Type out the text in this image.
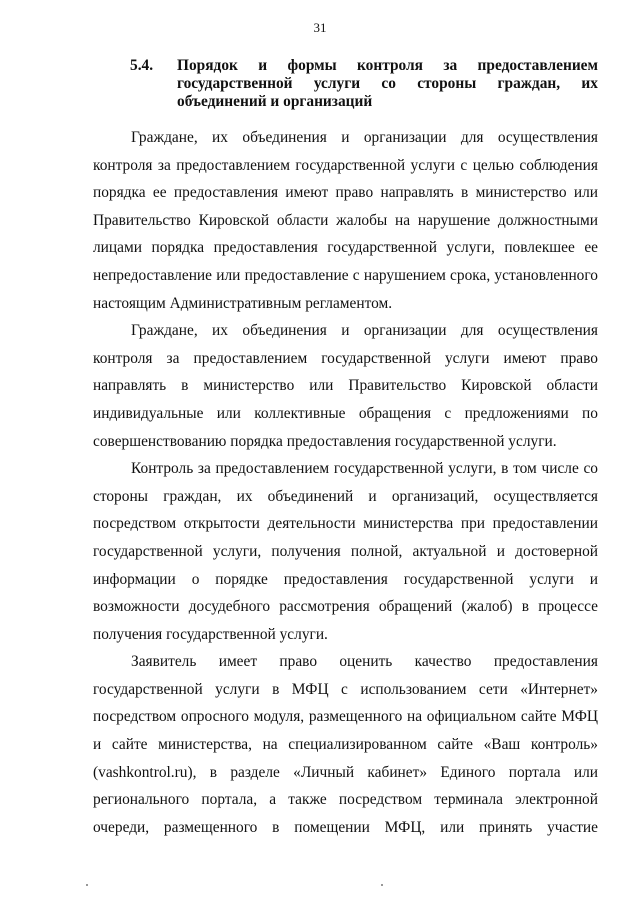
31
5.4. Порядок и формы контроля за предоставлением государственной услуги со стороны граждан, их объединений и организаций

Граждане, их объединения и организации для осуществления контроля за предоставлением государственной услуги с целью соблюдения порядка ее предоставления имеют право направлять в министерство или Правительство Кировской области жалобы на нарушение должностными лицами порядка предоставления государственной услуги, повлекшее ее непредоставление или предоставление с нарушением срока, установленного настоящим Административным регламентом.

Граждане, их объединения и организации для осуществления контроля за предоставлением государственной услуги имеют право направлять в министерство или Правительство Кировской области индивидуальные или коллективные обращения с предложениями по совершенствованию порядка предоставления государственной услуги.

Контроль за предоставлением государственной услуги, в том числе со стороны граждан, их объединений и организаций, осуществляется посредством открытости деятельности министерства при предоставлении государственной услуги, получения полной, актуальной и достоверной информации о порядке предоставления государственной услуги и возможности досудебного рассмотрения обращений (жалоб) в процессе получения государственной услуги.

Заявитель имеет право оценить качество предоставления государственной услуги в МФЦ с использованием сети «Интернет» посредством опросного модуля, размещенного на официальном сайте МФЦ и сайте министерства, на специализированном сайте «Ваш контроль» (vashkontrol.ru), в разделе «Личный кабинет» Единого портала или регионального портала, а также посредством терминала электронной очереди, размещенного в помещении МФЦ, или принять участие
